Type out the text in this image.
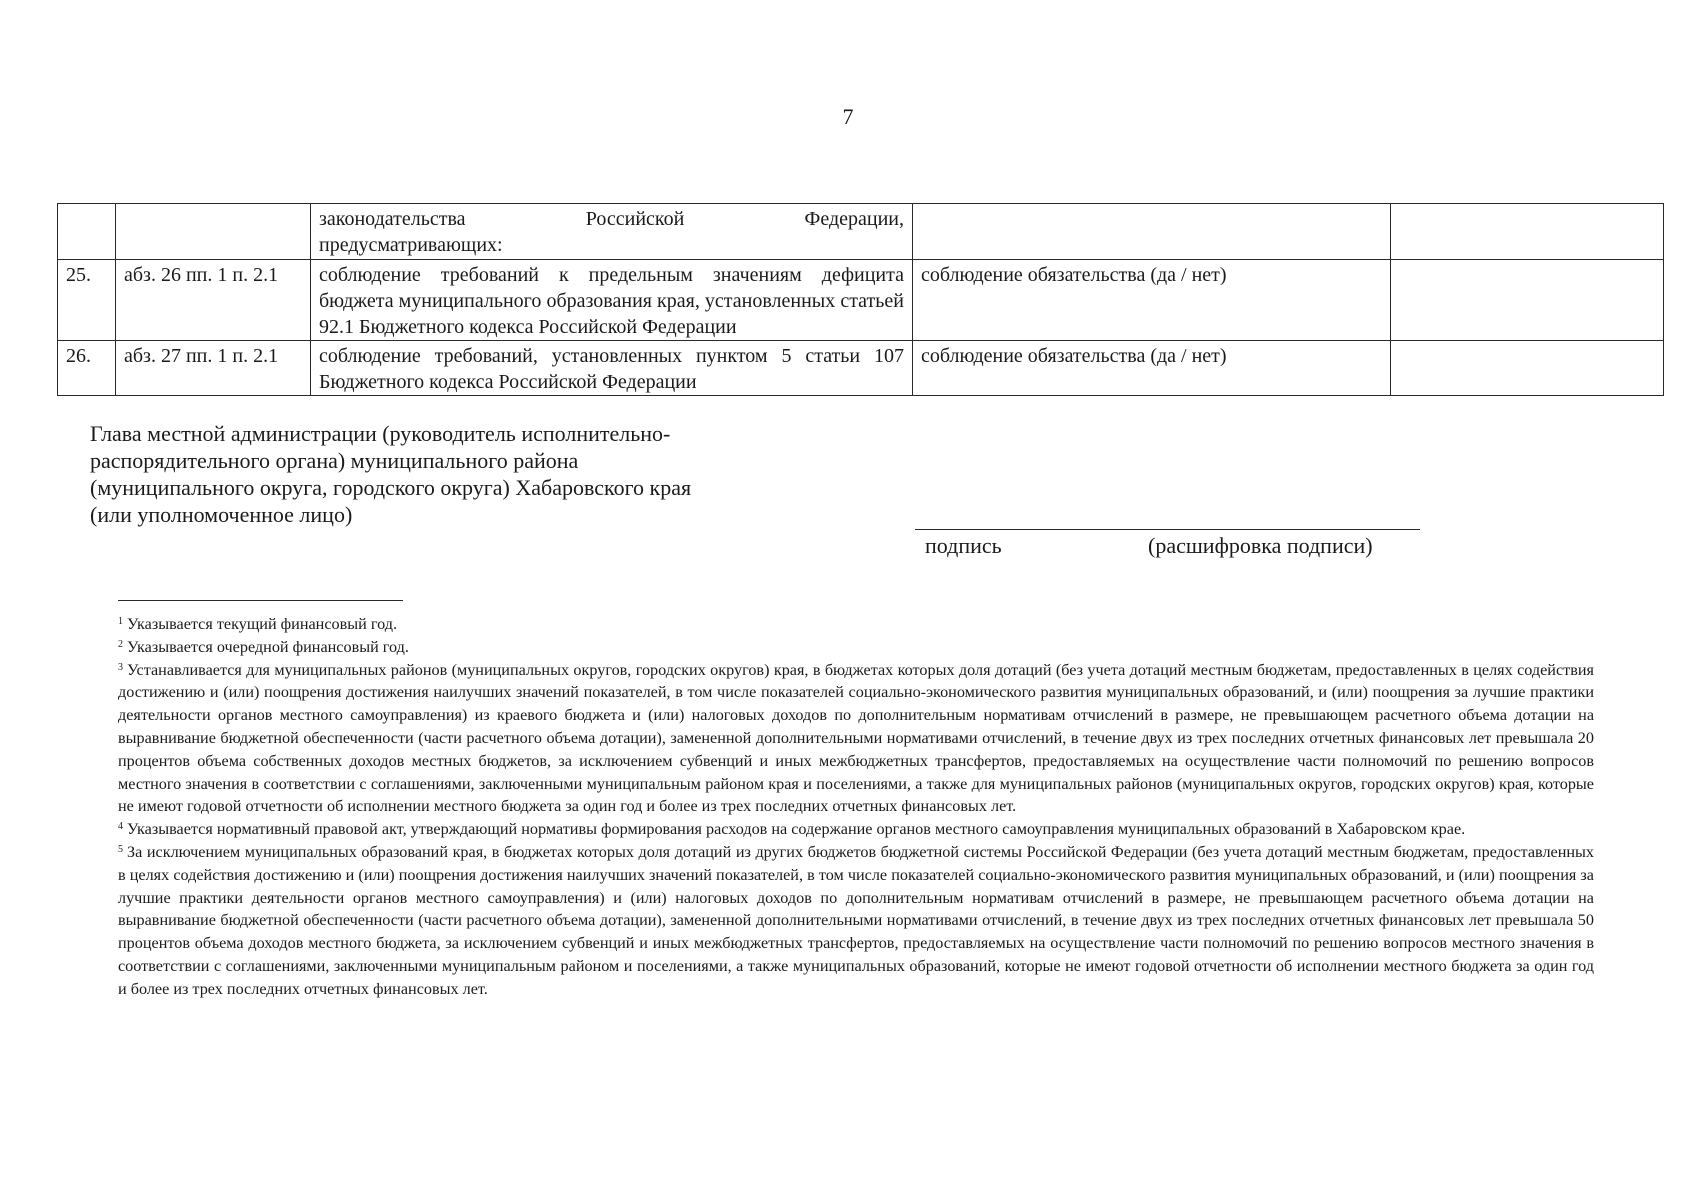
7

		законодательства Российской Федерации,
предусматривающих:		

25.	абз. 26 пп. 1 п. 2.1	соблюдение требований к предельным значениям дефицита бюджета муниципального образования края, установленных статьей 92.1 Бюджетного кодекса Российской Федерации	соблюдение обязательства (да / нет)	
26.	абз. 27 пп. 1 п. 2.1	соблюдение требований, установленных пунктом 5 статьи 107 Бюджетного кодекса Российской Федерации	соблюдение обязательства (да / нет)	
Глава местной администрации (руководитель исполнительно-
распорядительного органа) муниципального района
(муниципального округа, городского округа) Хабаровского края
(или уполномоченное лицо)
подпись	(расшифровка подписи)

$^1$ Указывается текущий финансовый год.

$^2$ Указывается очередной финансовый год.

$^3$ Устанавливается для муниципальных районов (муниципальных округов, городских округов) края, в бюджетах которых доля дотаций (без учета дотаций местным бюджетам, предоставленных в целях содействия достижению и (или) поощрения достижения наилучших значений показателей, в том числе показателей социально-экономического развития муниципальных образований, и (или) поощрения за лучшие практики деятельности органов местного самоуправления) из краевого бюджета и (или) налоговых доходов по дополнительным нормативам отчислений в размере, не превышающем расчетного объема дотации на выравнивание бюджетной обеспеченности (части расчетного объема дотации), замененной дополнительными нормативами отчислений, в течение двух из трех последних отчетных финансовых лет превышала 20 процентов объема собственных доходов местных бюджетов, за исключением субвенций и иных межбюджетных трансфертов, предоставляемых на осуществление части полномочий по решению вопросов местного значения в соответствии с соглашениями, заключенными муниципальным районом края и поселениями, а также для муниципальных районов (муниципальных округов, городских округов) края, которые не имеют годовой отчетности об исполнении местного бюджета за один год и более из трех последних отчетных финансовых лет.

$^4$ Указывается нормативный правовой акт, утверждающий нормативы формирования расходов на содержание органов местного самоуправления муниципальных образований в Хабаровском крае.

$^5$ За исключением муниципальных образований края, в бюджетах которых доля дотаций из других бюджетов бюджетной системы Российской Федерации (без учета дотаций местным бюджетам, предоставленных в целях содействия достижению и (или) поощрения достижения наилучших значений показателей, в том числе показателей социально-экономического развития муниципальных образований, и (или) поощрения за лучшие практики деятельности органов местного самоуправления) и (или) налоговых доходов по дополнительным нормативам отчислений в размере, не превышающем расчетного объема дотации на выравнивание бюджетной обеспеченности (части расчетного объема дотации), замененной дополнительными нормативами отчислений, в течение двух из трех последних отчетных финансовых лет превышала 50 процентов объема доходов местного бюджета, за исключением субвенций и иных межбюджетных трансфертов, предоставляемых на осуществление части полномочий по решению вопросов местного значения в соответствии с соглашениями, заключенными муниципальным районом и поселениями, а также муниципальных образований, которые не имеют годовой отчетности об исполнении местного бюджета за один год и более из трех последних отчетных финансовых лет.
